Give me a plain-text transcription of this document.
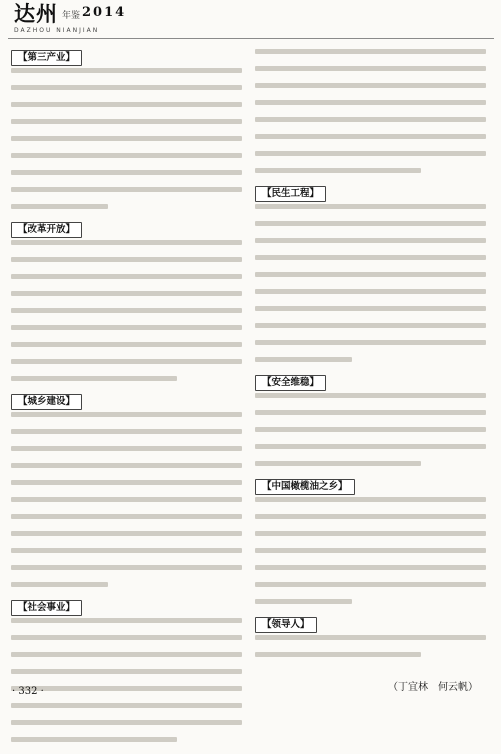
达州 年鉴 2014
DAZHOU NIANJIAN
【第三产业】
【改革开放】
【城乡建设】
【社会事业】
【民生工程】
【安全维稳】
【中国橄榄油之乡】
【领导人】
（丁宜林　何云帆）
· 332 ·
